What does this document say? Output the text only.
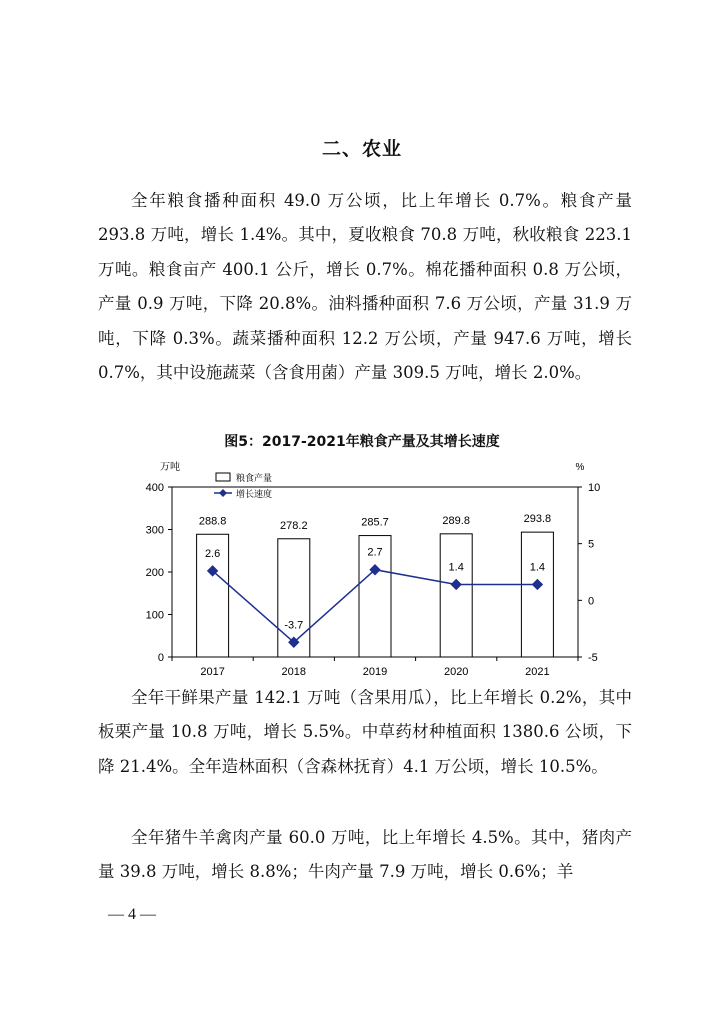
二、农业

全年粮食播种面积 49.0 万公顷，比上年增长 0.7%。粮食产量 293.8 万吨，增长 1.4%。其中，夏收粮食 70.8 万吨，秋收粮食 223.1 万吨。粮食亩产 400.1 公斤，增长 0.7%。棉花播种面积 0.8 万公顷，产量 0.9 万吨，下降 20.8%。油料播种面积 7.6 万公顷，产量 31.9 万吨，下降 0.3%。蔬菜播种面积 12.2 万公顷，产量 947.6 万吨，增长 0.7%，其中设施蔬菜（含食用菌）产量 309.5 万吨，增长 2.0%。

图5：2017-2021年粮食产量及其增长速度
0
100
200
300
400
-5
0
5
10
万吨	%
2017	2018	2019	2020	2021
288.8	278.2	285.7	289.8	293.8
2.6
-3.7
2.7
1.4	1.4
粮食产量
增长速度

全年干鲜果产量 142.1 万吨（含果用瓜），比上年增长 0.2%，其中板栗产量 10.8 万吨，增长 5.5%。中草药材种植面积 1380.6 公顷，下降 21.4%。全年造林面积（含森林抚育）4.1 万公顷，增长 10.5%。

全年猪牛羊禽肉产量 60.0 万吨，比上年增长 4.5%。其中，猪肉产量 39.8 万吨，增长 8.8%；牛肉产量 7.9 万吨，增长 0.6%；羊

— 4 —
